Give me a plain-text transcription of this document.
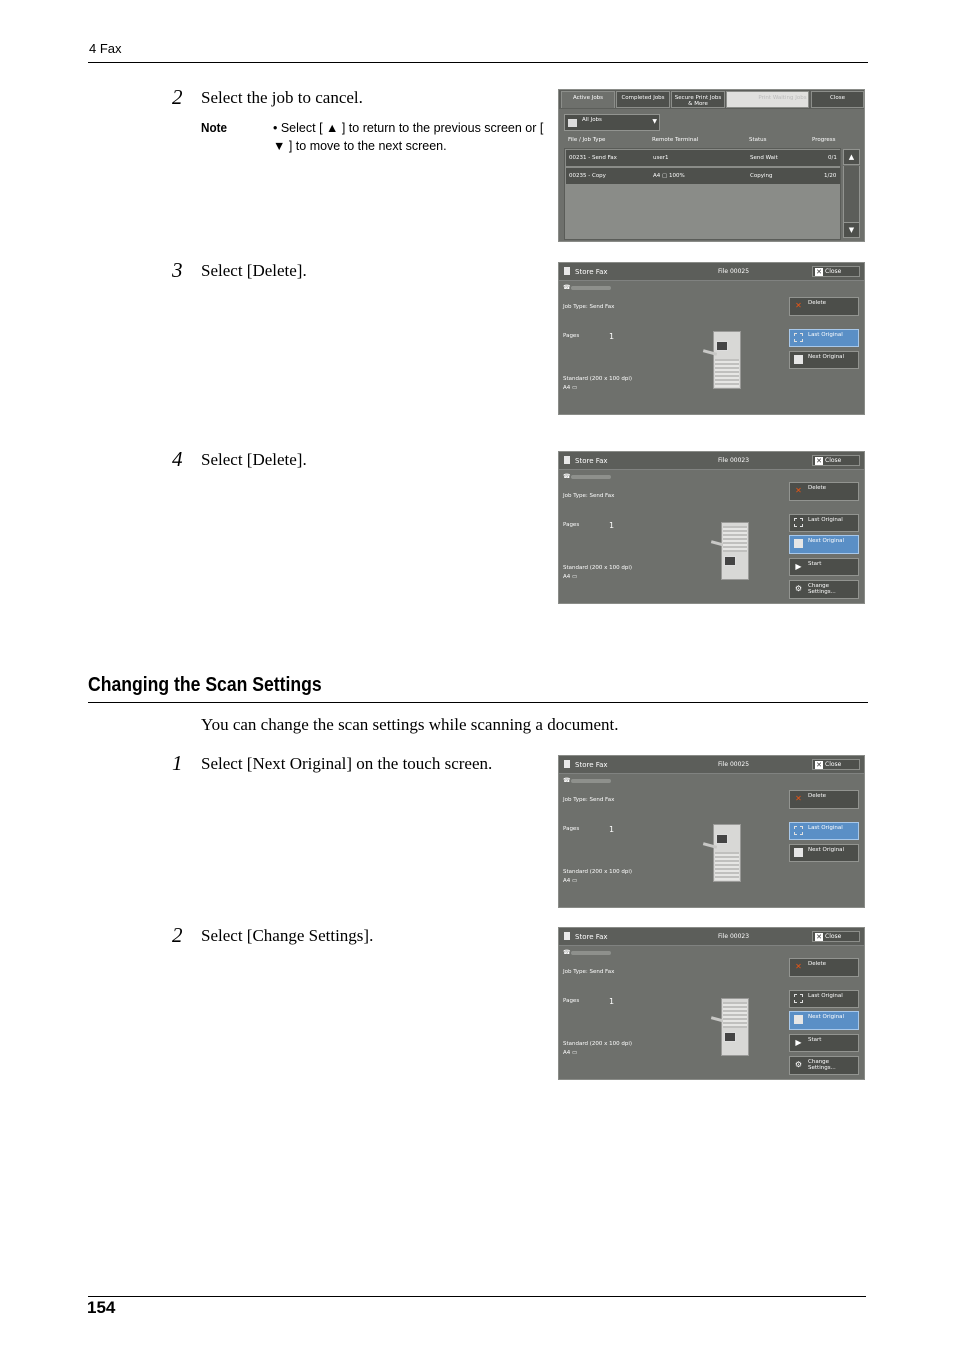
4 Fax
2 Select the job to cancel.
Note	• Select [ ▲ ] to return to the previous screen or [ ▼ ] to move to the next screen.
Active Jobs	Completed Jobs	Secure Print Jobs & More
Print Waiting Jobs	Close
All Jobs	▼
File / Job Type	Remote Terminal	Status	Progress
00231 - Send Fax	user1	Send Wait	0/1
00235 - Copy	A4 ▢ 100%	Copying	1/20
▲
▼
3 Select [Delete].	Store Fax	File 00025	✕ Close
☎
Job Type: Send Fax
Pages	1
Standard (200 x 100 dpi)
A4 ▭
✕ Delete
Last Original
Next Original
4 Select [Delete].	Store Fax	File 00023	✕ Close
☎
Job Type: Send Fax
Pages	1
Standard (200 x 100 dpi)
A4 ▭
✕ Delete
Last Original
Next Original
▶ Start
⚙ Change Settings...
Changing the Scan Settings
You can change the scan settings while scanning a document.
1 Select [Next Original] on the touch screen.	Store Fax	File 00025	✕ Close
☎
Job Type: Send Fax
Pages	1
Standard (200 x 100 dpi)
A4 ▭
✕ Delete
Last Original
Next Original
2 Select [Change Settings].	Store Fax	File 00023	✕ Close
☎
Job Type: Send Fax
Pages	1
Standard (200 x 100 dpi)
A4 ▭
✕ Delete
Last Original
Next Original
▶ Start
⚙ Change Settings...
154
